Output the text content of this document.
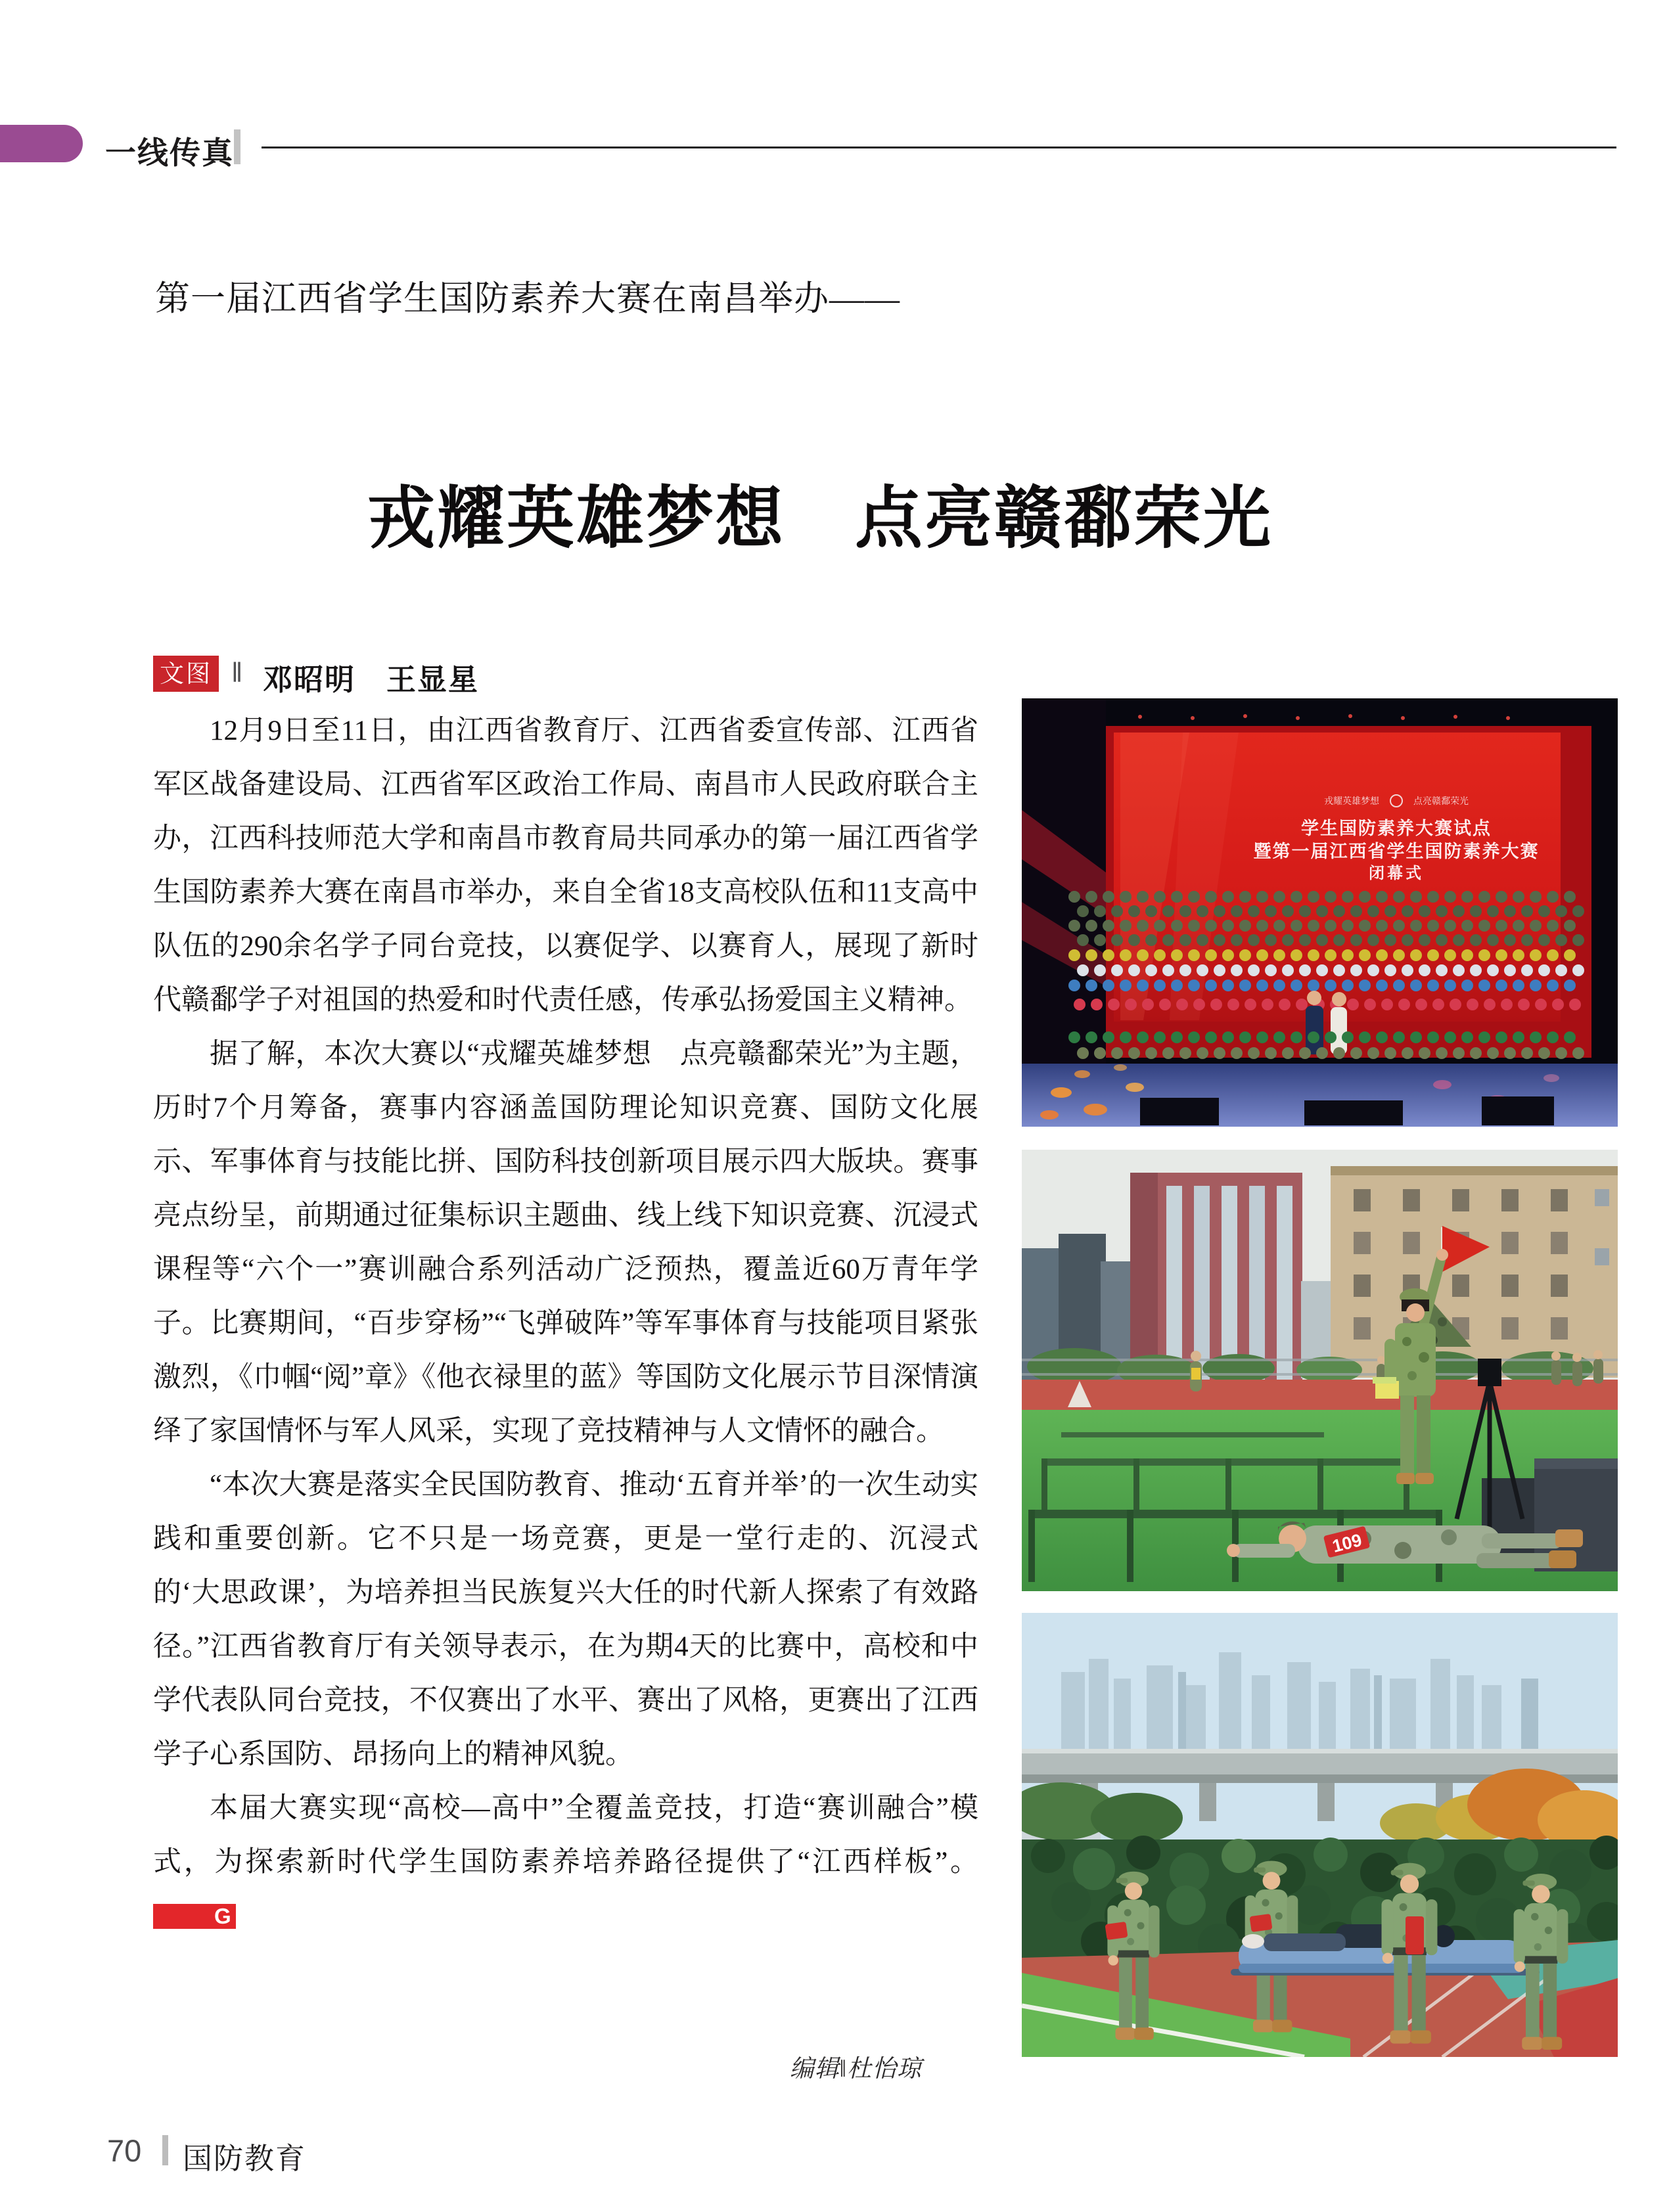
一线传真
第一届江西省学生国防素养大赛在南昌举办——
戎耀英雄梦想　点亮赣鄱荣光
文图 ‖ 邓昭明　王显星

12月9日至11日，由江西省教育厅、江西省委宣传部、江西省军区战备建设局、江西省军区政治工作局、南昌市人民政府联合主办，江西科技师范大学和南昌市教育局共同承办的第一届江西省学生国防素养大赛在南昌市举办，来自全省18支高校队伍和11支高中队伍的290余名学子同台竞技，以赛促学、以赛育人，展现了新时代赣鄱学子对祖国的热爱和时代责任感，传承弘扬爱国主义精神。

据了解，本次大赛以“戎耀英雄梦想　点亮赣鄱荣光”为主题，历时7个月筹备，赛事内容涵盖国防理论知识竞赛、国防文化展示、军事体育与技能比拼、国防科技创新项目展示四大版块。赛事亮点纷呈，前期通过征集标识主题曲、线上线下知识竞赛、沉浸式课程等“六个一”赛训融合系列活动广泛预热，覆盖近60万青年学子。比赛期间，“百步穿杨”“飞弹破阵”等军事体育与技能项目紧张激烈，《巾帼“阅”章》《他衣禄里的蓝》等国防文化展示节目深情演绎了家国情怀与军人风采，实现了竞技精神与人文情怀的融合。

“本次大赛是落实全民国防教育、推动‘五育并举’的一次生动实践和重要创新。它不只是一场竞赛，更是一堂行走的、沉浸式的‘大思政课’，为培养担当民族复兴大任的时代新人探索了有效路径。”江西省教育厅有关领导表示，在为期4天的比赛中，高校和中学代表队同台竞技，不仅赛出了水平、赛出了风格，更赛出了江西学子心系国防、昂扬向上的精神风貌。

本届大赛实现“高校—高中”全覆盖竞技，打造“赛训融合”模式，为探索新时代学生国防素养培养路径提供了“江西样板”。G

编辑‖杜怡琼
70 国防教育
戎耀英雄梦想	点亮赣鄱荣光
学生国防素养大赛试点
暨第一届江西省学生国防素养大赛
闭幕式
109
